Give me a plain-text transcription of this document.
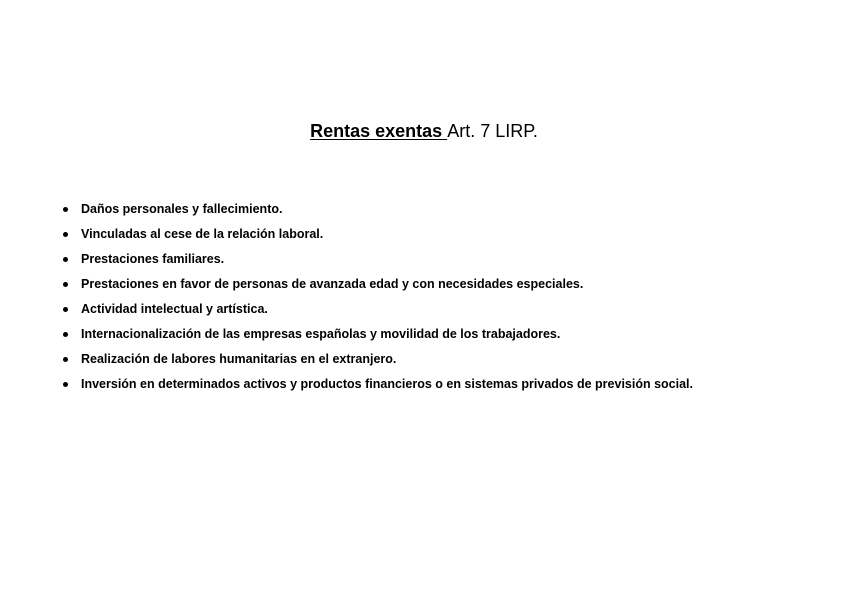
Rentas exentas Art. 7 LIRP.
Daños personales y fallecimiento.
Vinculadas al cese de la relación laboral.
Prestaciones familiares.
Prestaciones en favor de personas de avanzada edad y con necesidades especiales.
Actividad intelectual y artística.
Internacionalización de las empresas españolas y movilidad de los trabajadores.
Realización de labores humanitarias en el extranjero.
Inversión en determinados activos y productos financieros o en sistemas privados de previsión social.
